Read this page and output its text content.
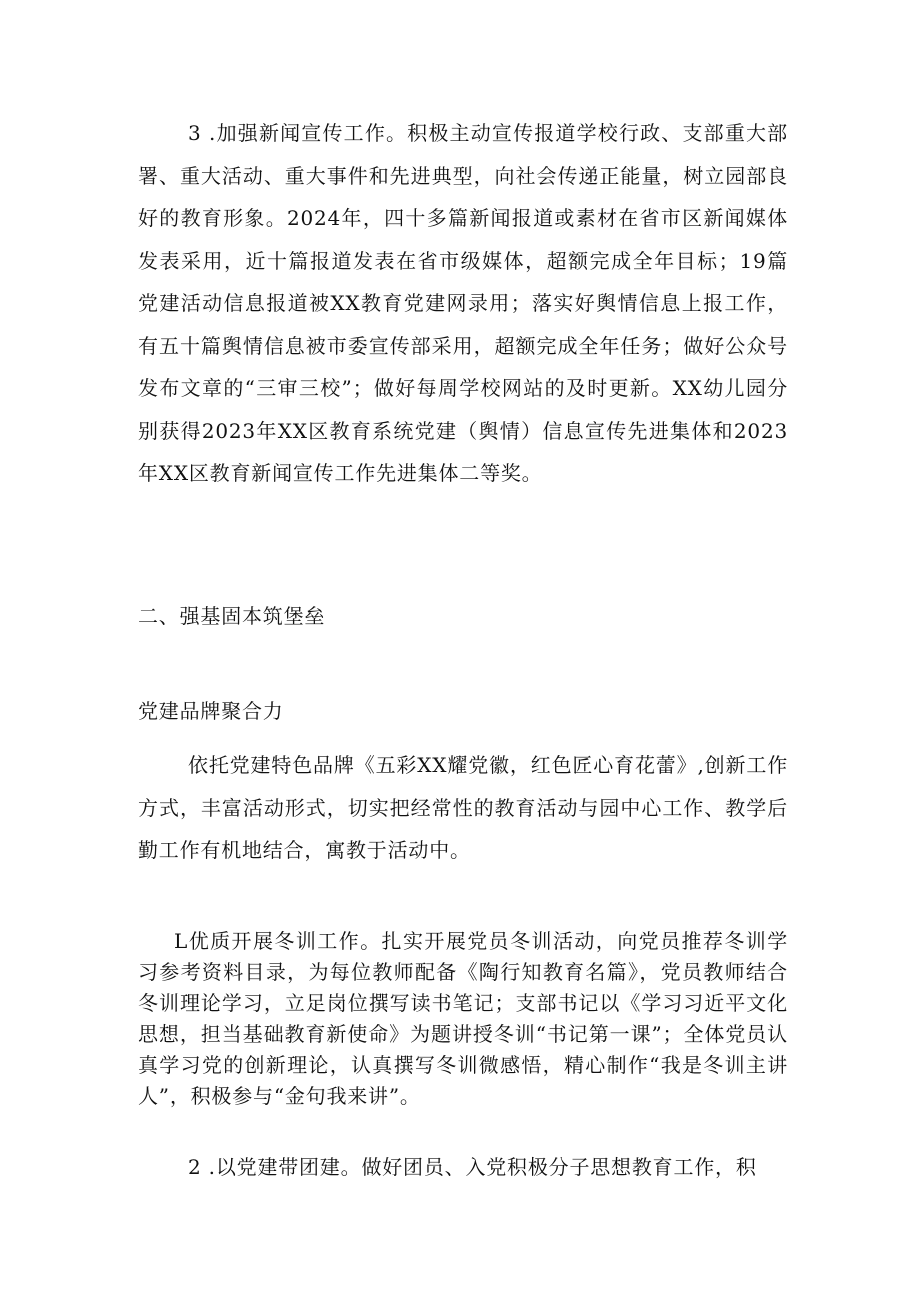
3 .加强新闻宣传工作。积极主动宣传报道学校行政、支部重大部署、重大活动、重大事件和先进典型，向社会传递正能量，树立园部良好的教育形象。2024年，四十多篇新闻报道或素材在省市区新闻媒体发表采用，近十篇报道发表在省市级媒体，超额完成全年目标；19篇党建活动信息报道被XX教育党建网录用；落实好舆情信息上报工作，有五十篇舆情信息被市委宣传部采用，超额完成全年任务；做好公众号发布文章的“三审三校”；做好每周学校网站的及时更新。XX幼儿园分别获得2023年XX区教育系统党建（舆情）信息宣传先进集体和2023年XX区教育新闻宣传工作先进集体二等奖。

二、强基固本筑堡垒

党建品牌聚合力

依托党建特色品牌《五彩XX耀党徽，红色匠心育花蕾》,创新工作方式，丰富活动形式，切实把经常性的教育活动与园中心工作、教学后勤工作有机地结合，寓教于活动中。

L优质开展冬训工作。扎实开展党员冬训活动，向党员推荐冬训学习参考资料目录，为每位教师配备《陶行知教育名篇》，党员教师结合冬训理论学习，立足岗位撰写读书笔记；支部书记以《学习习近平文化思想，担当基础教育新使命》为题讲授冬训“书记第一课”；全体党员认真学习党的创新理论，认真撰写冬训微感悟，精心制作“我是冬训主讲人”，积极参与“金句我来讲”。

2 .以党建带团建。做好团员、入党积极分子思想教育工作，积
